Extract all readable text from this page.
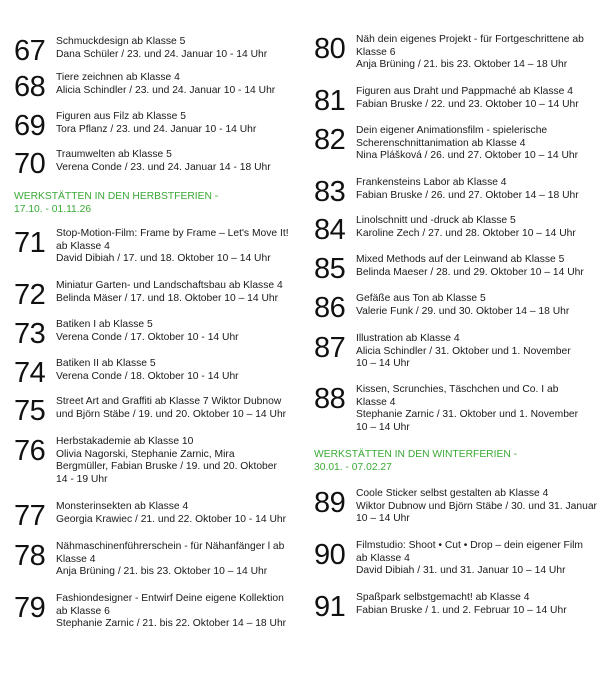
67 Schmuckdesign ab Klasse 5
Dana Schüler / 23. und 24. Januar 10 - 14 Uhr
68 Tiere zeichnen ab Klasse 4
Alicia Schindler / 23. und 24. Januar 10 - 14 Uhr
69 Figuren aus Filz ab Klasse 5
Tora Pflanz / 23. und 24. Januar 10 - 14 Uhr
70 Traumwelten ab Klasse 5
Verena Conde / 23. und 24. Januar 14 - 18 Uhr
WERKSTÄTTEN IN DEN HERBSTFERIEN -
17.10. - 01.11.26
71 Stop-Motion-Film: Frame by Frame – Let's Move It!
ab Klasse 4
David Dibiah / 17. und 18. Oktober 10 – 14 Uhr
72 Miniatur Garten- und Landschaftsbau ab Klasse 4
Belinda Mäser / 17. und 18. Oktober 10 – 14 Uhr
73 Batiken I ab Klasse 5
Verena Conde / 17. Oktober 10 - 14 Uhr
74 Batiken II ab Klasse 5
Verena Conde / 18. Oktober 10 - 14 Uhr
75 Street Art and Graffiti ab Klasse 7 Wiktor Dubnow
und Björn Stäbe / 19. und 20. Oktober 10 – 14 Uhr
76 Herbstakademie ab Klasse 10
Olivia Nagorski, Stephanie Zarnic, Mira
Bergmüller, Fabian Bruske / 19. und 20. Oktober
14 - 19 Uhr
77 Monsterinsekten ab Klasse 4
Georgia Krawiec / 21. und 22. Oktober 10 - 14 Uhr
78 Nähmaschinenführerschein - für Nähanfänger l ab
Klasse 4
Anja Brüning / 21. bis 23. Oktober 10 – 14 Uhr
79 Fashiondesigner - Entwirf Deine eigene Kollektion
ab Klasse 6
Stephanie Zarnic / 21. bis 22. Oktober 14 – 18 Uhr
80 Näh dein eigenes Projekt - für Fortgeschrittene ab
Klasse 6
Anja Brüning / 21. bis 23. Oktober 14 – 18 Uhr
81 Figuren aus Draht und Pappmaché ab Klasse 4
Fabian Bruske / 22. und 23. Oktober 10 – 14 Uhr
82 Dein eigener Animationsfilm - spielerische
Scherenschnittanimation ab Klasse 4
Nina Plášková / 26. und 27. Oktober 10 – 14 Uhr
83 Frankensteins Labor ab Klasse 4
Fabian Bruske / 26. und 27. Oktober 14 – 18 Uhr
84 Linolschnitt und -druck ab Klasse 5
Karoline Zech / 27. und 28. Oktober 10 – 14 Uhr
85 Mixed Methods auf der Leinwand ab Klasse 5
Belinda Maeser / 28. und 29. Oktober 10 – 14 Uhr
86 Gefäße aus Ton ab Klasse 5
Valerie Funk / 29. und 30. Oktober 14 – 18 Uhr
87 Illustration ab Klasse 4
Alicia Schindler / 31. Oktober und 1. November
10 – 14 Uhr
88 Kissen, Scrunchies, Täschchen und Co. I ab
Klasse 4
Stephanie Zarnic / 31. Oktober und 1. November
10 – 14 Uhr
WERKSTÄTTEN IN DEN WINTERFERIEN -
30.01. - 07.02.27
89 Coole Sticker selbst gestalten ab Klasse 4
Wiktor Dubnow und Björn Stäbe / 30. und 31. Januar
10 – 14 Uhr
90 Filmstudio: Shoot • Cut • Drop – dein eigener Film
ab Klasse 4
David Dibiah / 31. und 31. Januar 10 – 14 Uhr
91 Spaßpark selbstgemacht! ab Klasse 4
Fabian Bruske / 1. und 2. Februar 10 – 14 Uhr
